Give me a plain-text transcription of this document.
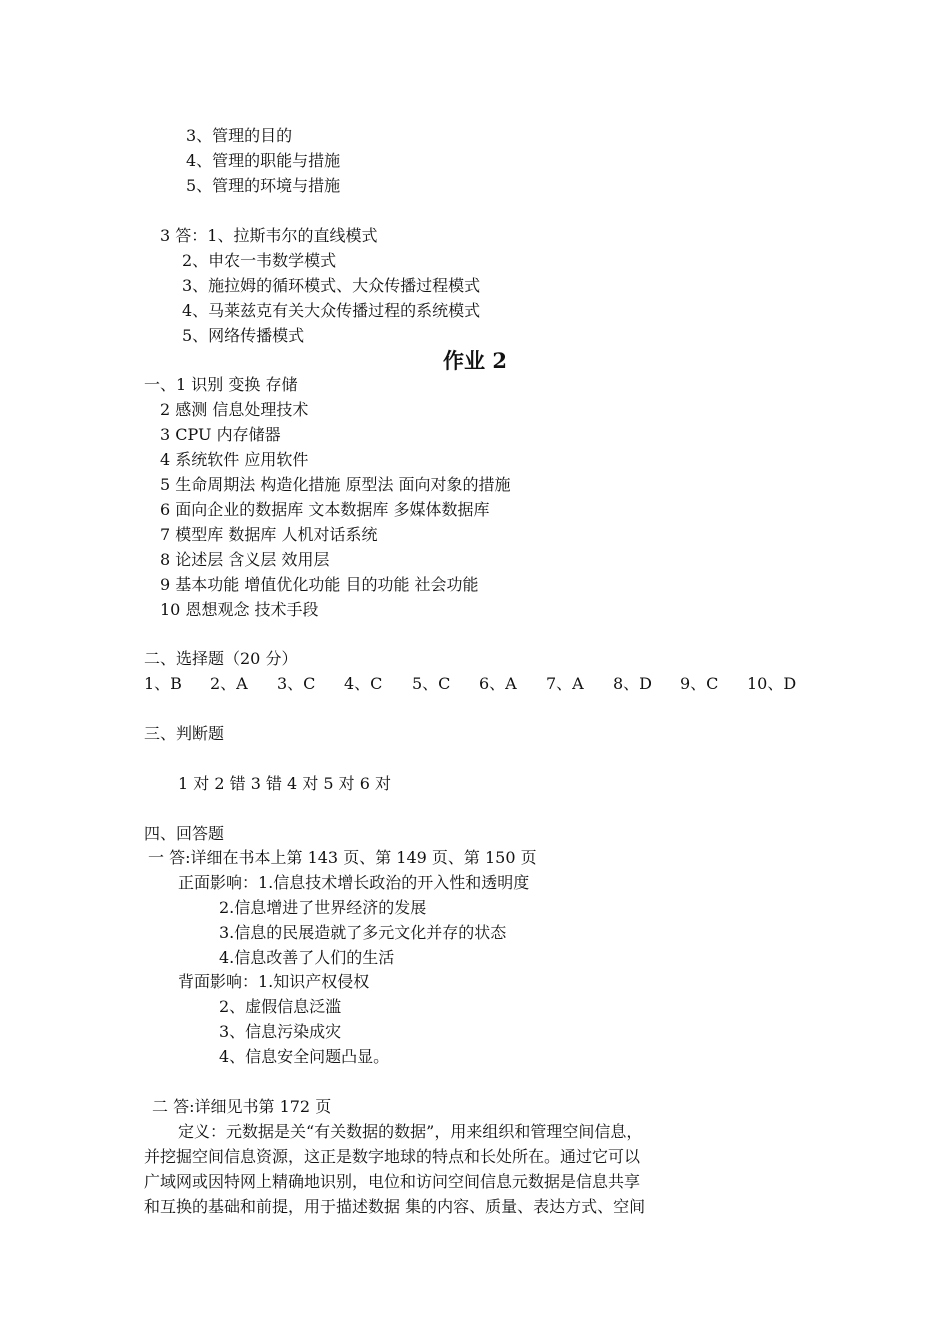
3、管理的目的
4、管理的职能与措施
5、管理的环境与措施
3 答：1、拉斯韦尔的直线模式
2、申农一韦数学模式
3、施拉姆的循环模式、大众传播过程模式
4、马莱兹克有关大众传播过程的系统模式
5、网络传播模式
作业 2
一、1 识别 变换 存储
2 感测 信息处理技术
3 CPU 内存储器
4 系统软件 应用软件
5 生命周期法 构造化措施 原型法 面向对象的措施
6 面向企业的数据库 文本数据库 多媒体数据库
7 模型库 数据库 人机对话系统
8 论述层 含义层 效用层
9 基本功能 增值优化功能 目的功能 社会功能
10 恩想观念 技术手段
二、选择题（20 分）
1、B 2、A 3、C 4、C 5、C 6、A 7、A 8、D 9、C 10、D
三、判断题
1 对 2 错 3 错 4 对 5 对 6 对
四、回答题
一 答:详细在书本上第 143 页、第 149 页、第 150 页
正面影响：1.信息技术增长政治的开入性和透明度
2.信息增进了世界经济的发展
3.信息的民展造就了多元文化并存的状态
4.信息改善了人们的生活
背面影响：1.知识产权侵权
2、虚假信息泛滥
3、信息污染成灾
4、信息安全问题凸显。
二 答:详细见书第 172 页
定义：元数据是关“有关数据的数据”，用来组织和管理空间信息，
并挖掘空间信息资源，这正是数字地球的特点和长处所在。通过它可以
广域网或因特网上精确地识别，电位和访问空间信息元数据是信息共享
和互换的基础和前提，用于描述数据 集的内容、质量、表达方式、空间
